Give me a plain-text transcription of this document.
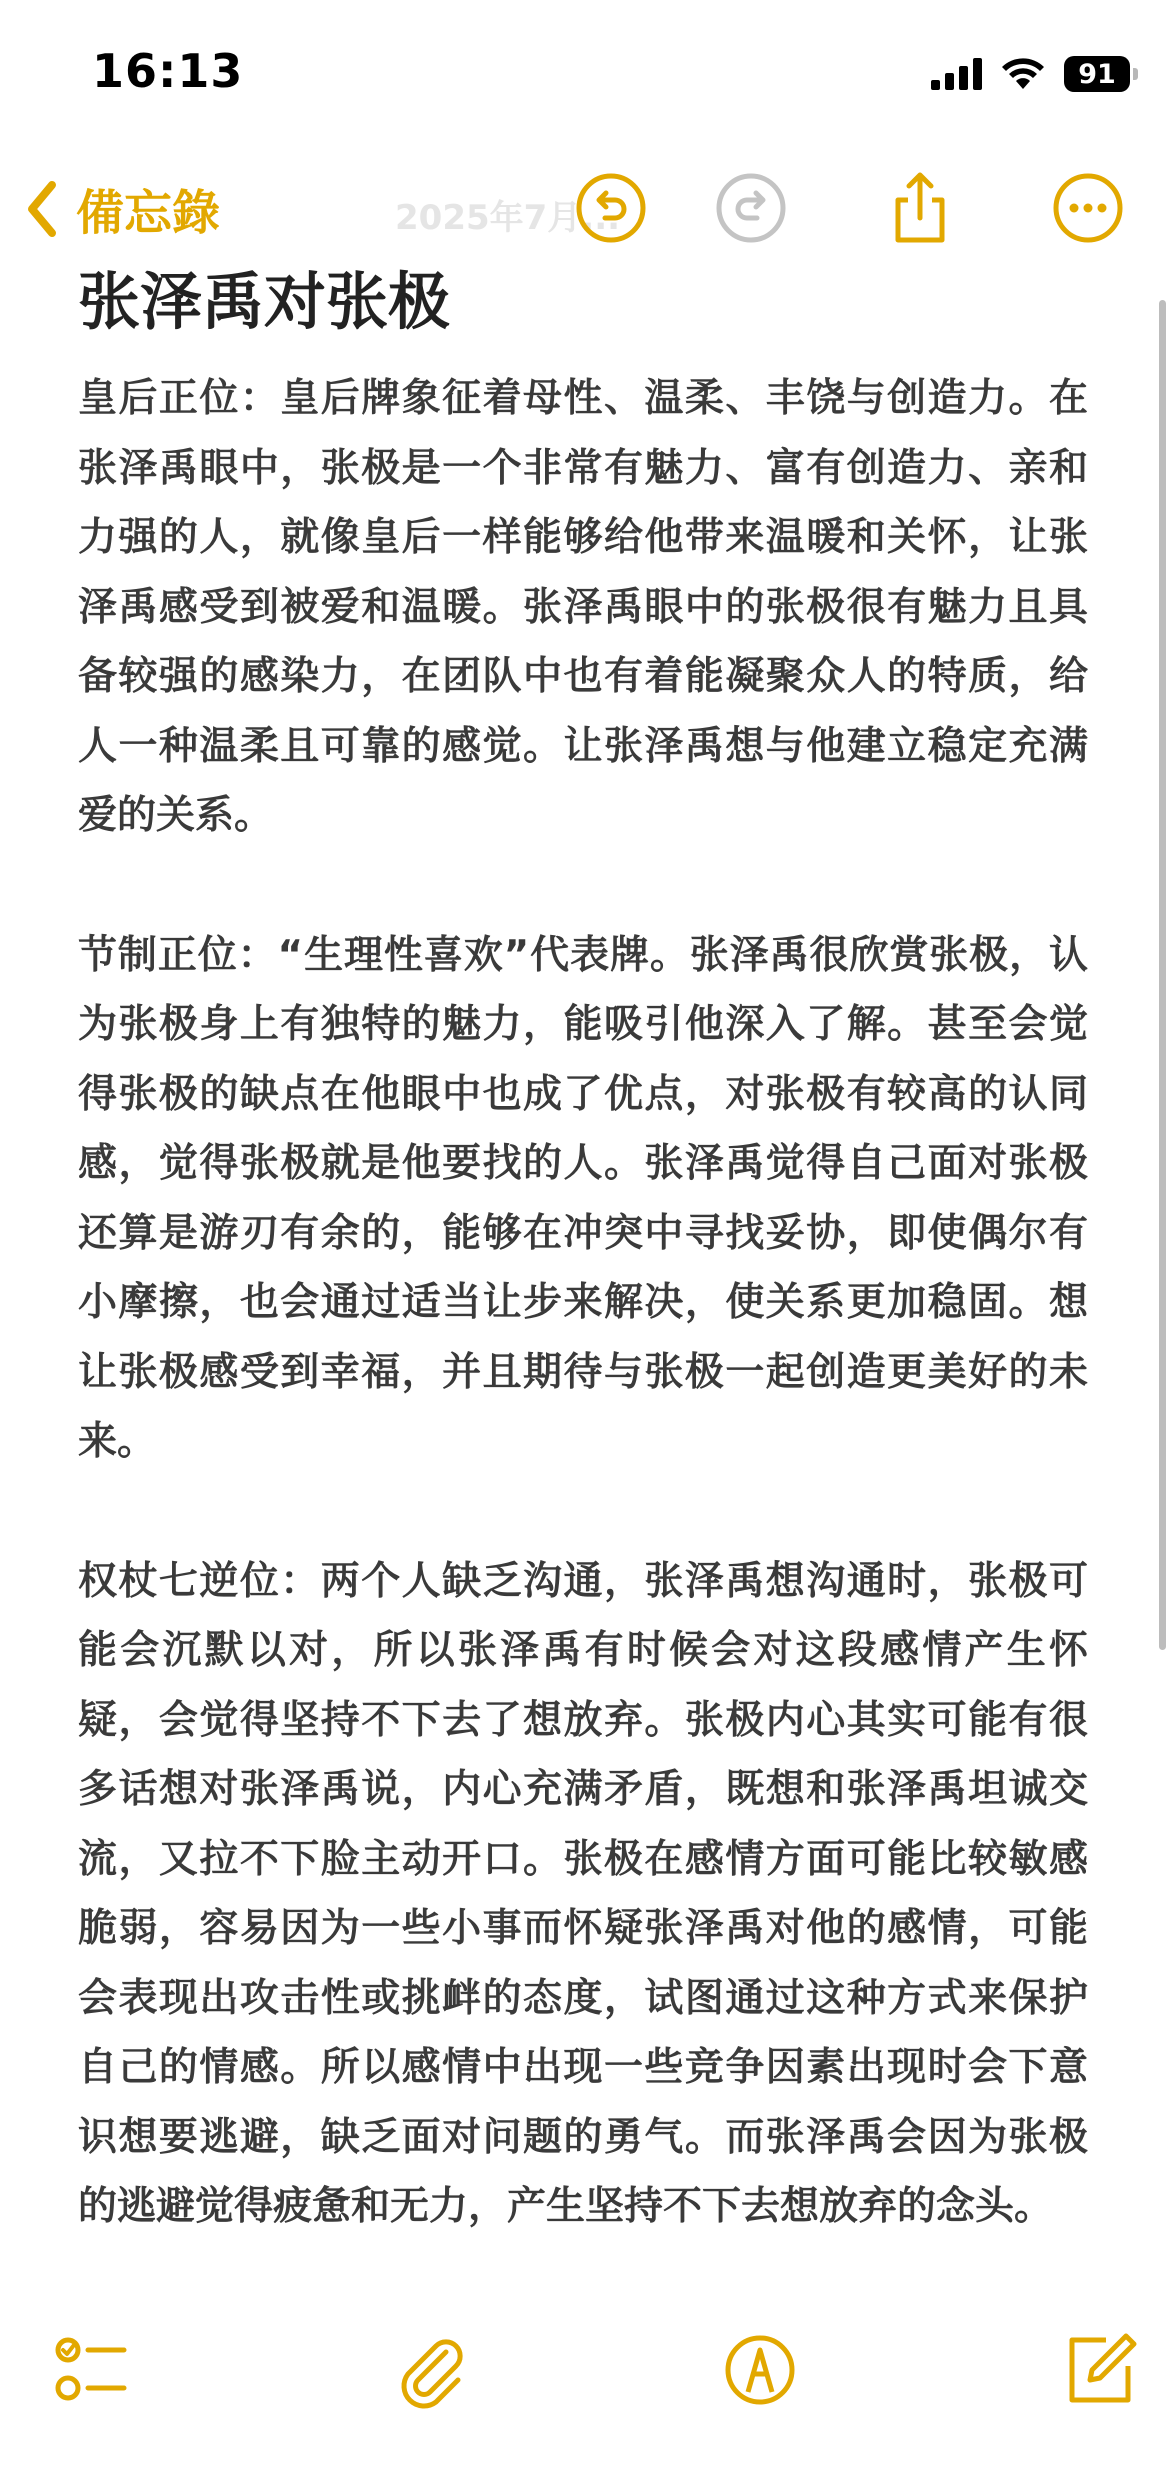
16:13	91
備忘錄	2025年7月...
张泽禹对张极

皇后正位：皇后牌象征着母性、温柔、丰饶与创造力。在张泽禹眼中，张极是一个非常有魅力、富有创造力、亲和力强的人，就像皇后一样能够给他带来温暖和关怀，让张泽禹感受到被爱和温暖。张泽禹眼中的张极很有魅力且具备较强的感染力，在团队中也有着能凝聚众人的特质，给人一种温柔且可靠的感觉。让张泽禹想与他建立稳定充满爱的关系。

节制正位：“生理性喜欢”代表牌。张泽禹很欣赏张极，认为张极身上有独特的魅力，能吸引他深入了解。甚至会觉得张极的缺点在他眼中也成了优点，对张极有较高的认同感，觉得张极就是他要找的人。张泽禹觉得自己面对张极还算是游刃有余的，能够在冲突中寻找妥协，即使偶尔有小摩擦，也会通过适当让步来解决，使关系更加稳固。想让张极感受到幸福，并且期待与张极一起创造更美好的未来。

权杖七逆位：两个人缺乏沟通，张泽禹想沟通时，张极可能会沉默以对，所以张泽禹有时候会对这段感情产生怀疑，会觉得坚持不下去了想放弃。张极内心其实可能有很多话想对张泽禹说，内心充满矛盾，既想和张泽禹坦诚交流，又拉不下脸主动开口。张极在感情方面可能比较敏感脆弱，容易因为一些小事而怀疑张泽禹对他的感情，可能会表现出攻击性或挑衅的态度，试图通过这种方式来保护自己的情感。所以感情中出现一些竞争因素出现时会下意识想要逃避，缺乏面对问题的勇气。而张泽禹会因为张极的逃避觉得疲惫和无力，产生坚持不下去想放弃的念头。
